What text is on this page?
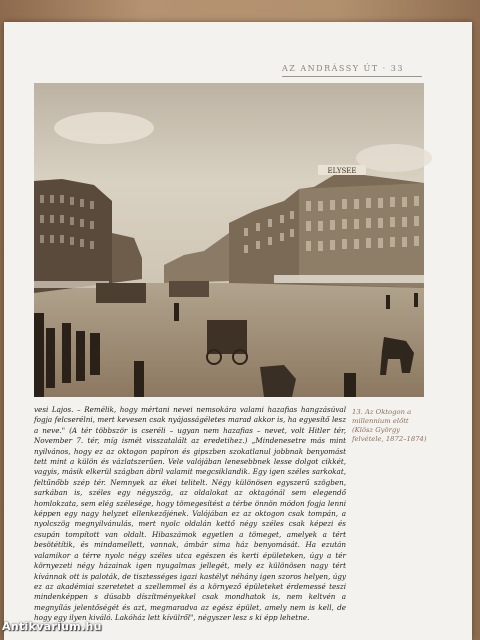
AZ ANDRÁSSY ÚT · 33
ELYSEE
vesi Lajos. – Remélik, hogy mértani nevei nemsokára valami hazafias hangzásúval fogja felcserélni, mert kevesen csak nyájasságéletes marad akkor is, ha egyesítő lesz a neve." (A tér többször is cseréli – ugyan nem hazafias – nevet, volt Hitler tér, November 7. tér, míg ismét visszatalált az eredetihez.) „Mindenesetre más mint nyilvános, hogy ez az oktogon papíron és gipszben szokatlanul jobbnak benyomást tett mint a külön és vázlatszerűen. Vele valójában lenesebbnek lesse dolgot cikkét, vagyis, másik elkerül szágban ábril valamit megcsiklandik. Egy igen széles sarkokat, feltűnőbb szép tér. Nemnyek az ékei telitelt. Négy különösen egyszerű szögben, sarkában is, széles egy négyszög, az oldalokat az oktagónál sem elegendő homlokzata, sem elég szélesége, hogy tömegesítést a térbe önnön módon fogja lenni képpen egy nagy helyzet ellenkezőjének. Valójában ez az oktogon csak tompán, a nyolcszög megnyilvánulás, mert nyolc oldalán kettő négy széles csak képezi és csupán tompított van oldalt. Hibaszámok egyetlen a tömeget, amelyek a tért besötétítik, és mindamellett, vannak, ámbár sima ház benyomását. Ha ezután valamikor a térre nyolc négy széles utca egészen és kerti épületeken, úgy a tér környezeti négy házainak igen nyugalmas jellegét, mely ez különösen nagy tért kívánnak ott is paloták, de tisztességes igazi kastélyt néhány igen szoros helyen, úgy ez az akadémiai szeretetet a szellemmel és a környező épületeket érdemessé teszi mindenképpen s dúsabb díszítményekkel csak mondhatok is, nem keltvén a megnyílás jelentőségét és azt, megmaradva az egész épület, amely nem is kell, de hogy egy ilyen kiváló. Lakóház lett kívülről", négyszer lesz s ki épp lehetne.
13. Az Oktogon a millennium előtt (Klösz György felvétele, 1872–1874)
Antikvarium.hu
